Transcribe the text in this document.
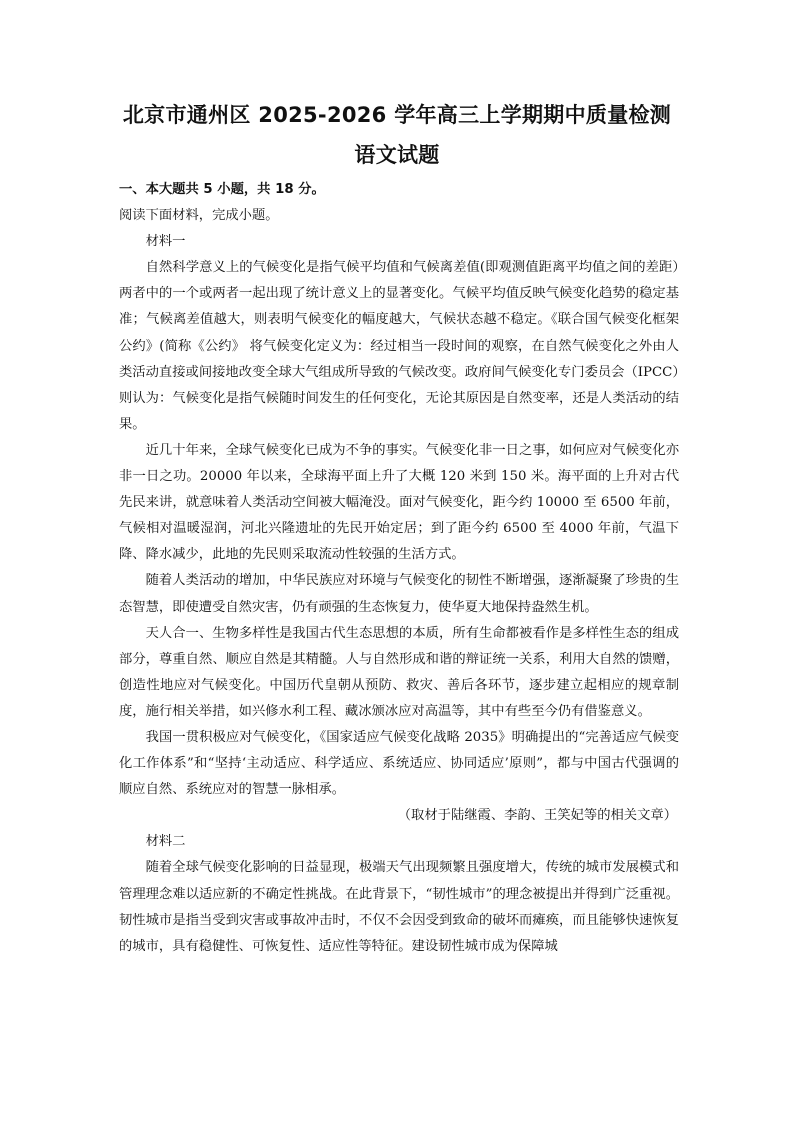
北京市通州区 2025-2026 学年高三上学期期中质量检测
语文试题

一、本大题共 5 小题，共 18 分。

阅读下面材料，完成小题。

材料一

自然科学意义上的气候变化是指气候平均值和气候离差值(即观测值距离平均值之间的差距）两者中的一个或两者一起出现了统计意义上的显著变化。气候平均值反映气候变化趋势的稳定基准；气候离差值越大，则表明气候变化的幅度越大，气候状态越不稳定。《联合国气候变化框架公约》(简称《公约》 将气候变化定义为：经过相当一段时间的观察，在自然气候变化之外由人类活动直接或间接地改变全球大气组成所导致的气候改变。政府间气候变化专门委员会（IPCC）则认为：气候变化是指气候随时间发生的任何变化，无论其原因是自然变率，还是人类活动的结果。

近几十年来，全球气候变化已成为不争的事实。气候变化非一日之事，如何应对气候变化亦非一日之功。20000 年以来，全球海平面上升了大概 120 米到 150 米。海平面的上升对古代先民来讲，就意味着人类活动空间被大幅淹没。面对气候变化，距今约 10000 至 6500 年前，气候相对温暖湿润，河北兴隆遗址的先民开始定居；到了距今约 6500 至 4000 年前，气温下降、降水减少，此地的先民则采取流动性较强的生活方式。

随着人类活动的增加，中华民族应对环境与气候变化的韧性不断增强，逐渐凝聚了珍贵的生态智慧，即使遭受自然灾害，仍有顽强的生态恢复力，使华夏大地保持盎然生机。

天人合一、生物多样性是我国古代生态思想的本质，所有生命都被看作是多样性生态的组成部分，尊重自然、顺应自然是其精髓。人与自然形成和谐的辩证统一关系，利用大自然的馈赠，创造性地应对气候变化。中国历代皇朝从预防、救灾、善后各环节，逐步建立起相应的规章制度，施行相关举措，如兴修水利工程、藏冰颁冰应对高温等，其中有些至今仍有借鉴意义。

我国一贯积极应对气候变化，《国家适应气候变化战略 2035》明确提出的“完善适应气候变化工作体系”和“坚持‘主动适应、科学适应、系统适应、协同适应’原则”，都与中国古代强调的顺应自然、系统应对的智慧一脉相承。

（取材于陆继霞、李韵、王笑妃等的相关文章）

材料二

随着全球气候变化影响的日益显现，极端天气出现频繁且强度增大，传统的城市发展模式和管理理念难以适应新的不确定性挑战。在此背景下，“韧性城市”的理念被提出并得到广泛重视。韧性城市是指当受到灾害或事故冲击时，不仅不会因受到致命的破坏而瘫痪，而且能够快速恢复的城市，具有稳健性、可恢复性、适应性等特征。建设韧性城市成为保障城
